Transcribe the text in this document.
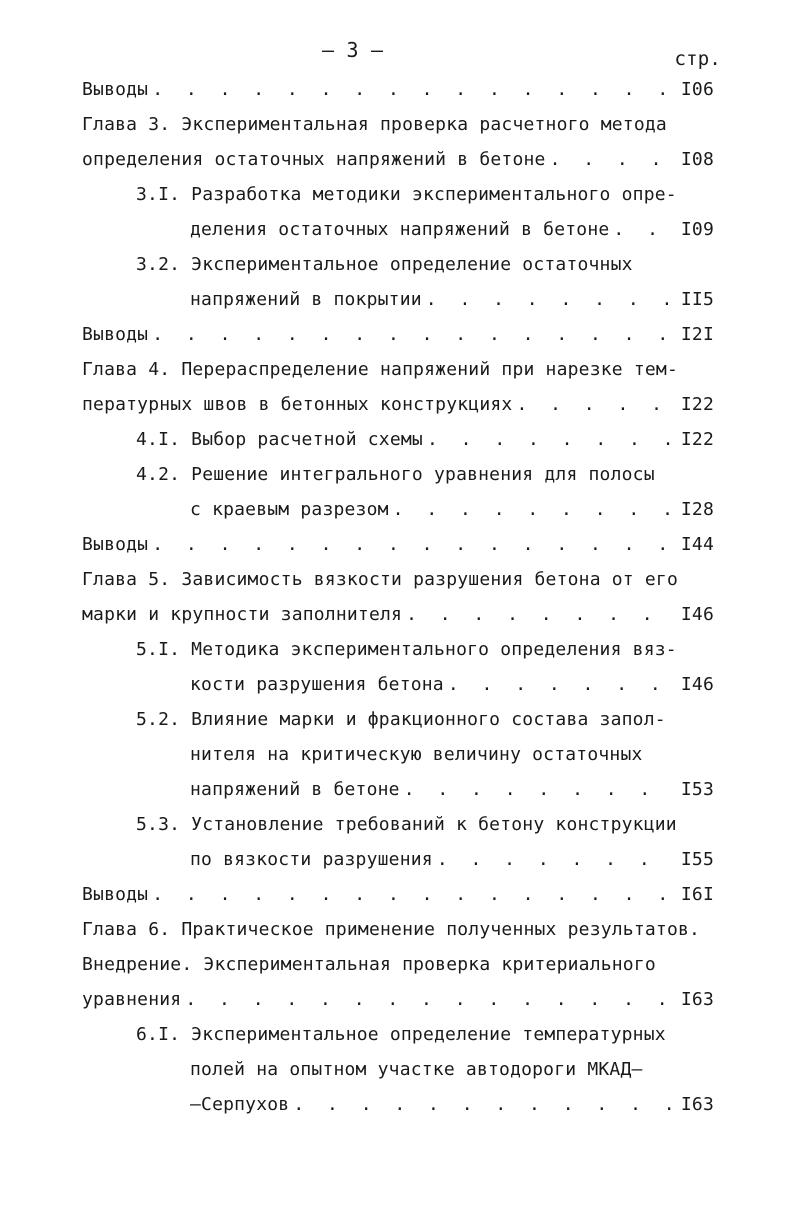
– 3 –	стр.
Выводы . . .	I06
Глава 3. Экспериментальная проверка расчетного метода
определения остаточных напряжений в бетоне . . .	I08
3.I. Разработка методики экспериментального опре-
деления остаточных напряжений в бетоне . . .	I09
3.2. Экспериментальное определение остаточных
напряжений в покрытии . . .	II5
Выводы . . .	I2I
Глава 4. Перераспределение напряжений при нарезке тем-
пературных швов в бетонных конструкциях . . .	I22
4.I. Выбор расчетной схемы . . .	I22
4.2. Решение интегрального уравнения для полосы
с краевым разрезом . . .	I28
Выводы . . .	I44
Глава 5. Зависимость вязкости разрушения бетона от его
марки и крупности заполнителя . . .	I46
5.I. Методика экспериментального определения вяз-
кости разрушения бетона . . .	I46
5.2. Влияние марки и фракционного состава запол-
нителя на критическую величину остаточных
напряжений в бетоне . . .	I53
5.3. Установление требований к бетону конструкции
по вязкости разрушения . . .	I55
Выводы . . .	I6I
Глава 6. Практическое применение полученных результатов.
Внедрение. Экспериментальная проверка критериального
уравнения . . .	I63
6.I. Экспериментальное определение температурных
полей на опытном участке автодороги МКАД–
–Серпухов . . .	I63
